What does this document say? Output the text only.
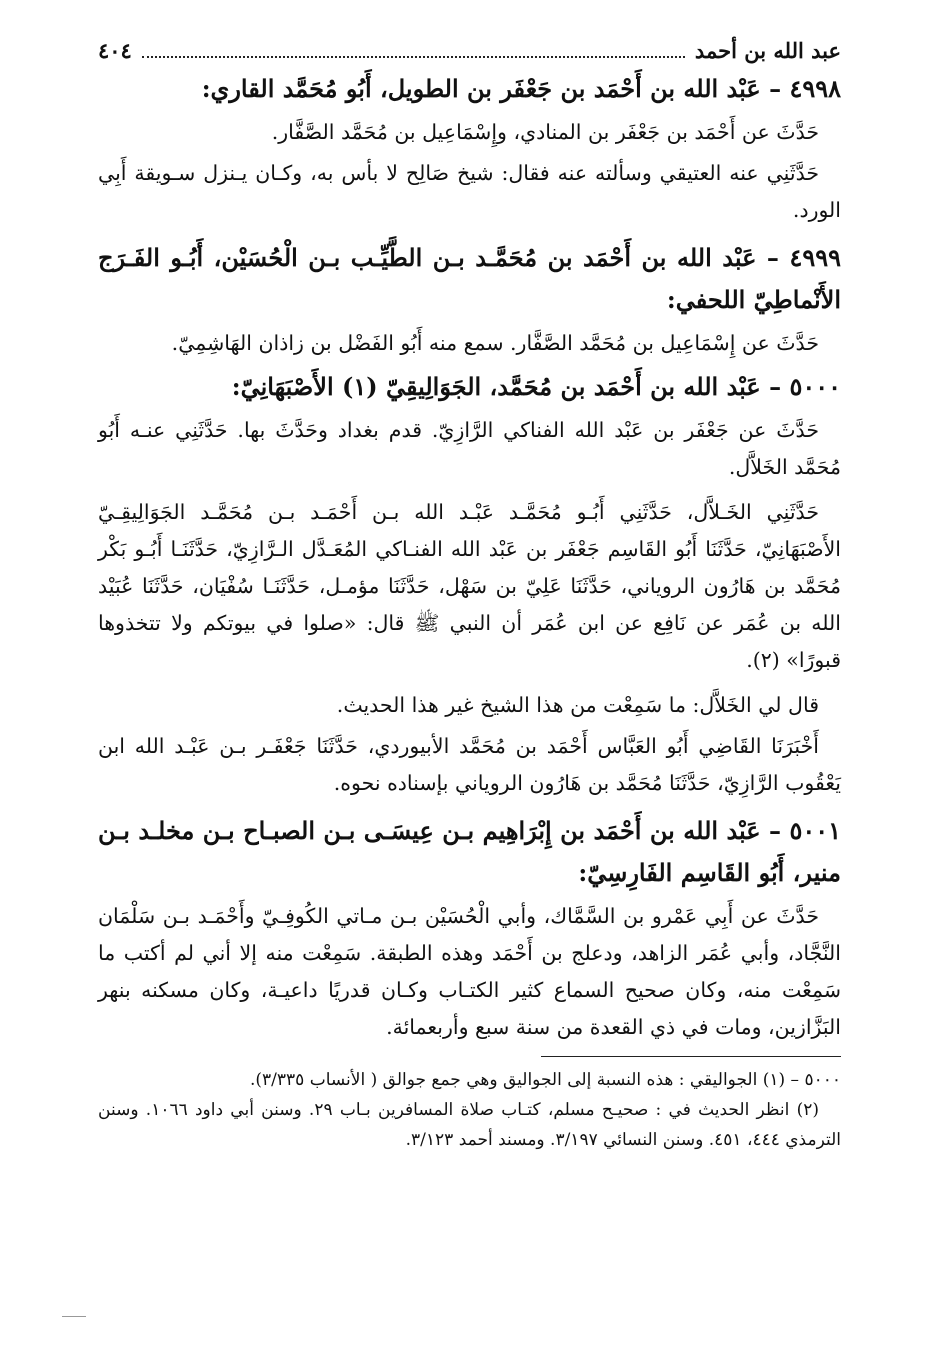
عبد الله بن أحمد
٤٠٤
٤٩٩٨ – عَبْد الله بن أَحْمَد بن جَعْفَر بن الطويل، أَبُو مُحَمَّد القاري:

حَدَّثَ عن أَحْمَد بن جَعْفَر بن المنادي، وإِسْمَاعِيل بن مُحَمَّد الصَّفَّار.

حَدَّثَنِي عنه العتيقي وسألته عنه فقال: شيخ صَالِح لا بأس به، وكـان يـنزل سـويقة أَبِي الورد.

٤٩٩٩ – عَبْد الله بن أَحْمَد بن مُحَمَّـد بـن الطَّيِّـب بـن الْحُسَيْن، أَبُـو الفَـرَج الأَنْماطِيّ اللحفي:

حَدَّثَ عن إِسْمَاعِيل بن مُحَمَّد الصَّفَّار. سمع منه أَبُو الفَضْل بن زاذان الهَاشِمِيّ.

٥٠٠٠ – عَبْد الله بن أَحْمَد بن مُحَمَّد، الجَوَالِيقِيّ (١) الأَصْبَهَانِيّ:

حَدَّثَ عن جَعْفَر بن عَبْد الله الفناكي الرَّازِيّ. قدم بغداد وحَدَّثَ بها. حَدَّثَنِي عنـه أَبُو مُحَمَّد الخَلاَّل.

حَدَّثَنِي الخَـلاَّل، حَدَّثَنِي أَبُـو مُحَمَّـد عَبْـد الله بـن أَحْمَـد بـن مُحَمَّـد الجَوَالِيقِـيّ الأَصْبَهَانِيّ، حَدَّثَنَا أَبُو القَاسِم جَعْفَر بن عَبْد الله الفنـاكي المُعَـدَّل الـرَّازِيّ، حَدَّثَنَـا أَبُـو بَكْر مُحَمَّد بن هَارُون الروياني، حَدَّثَنَا عَلِيّ بن سَهْل، حَدَّثَنَا مؤمـل، حَدَّثَنَـا سُفْيَان، حَدَّثَنَا عُبَيْد الله بن عُمَر عن نَافِع عن ابن عُمَر أن النبي ﷺ قال: «صلوا في بيوتكم ولا تتخذوها قبورًا» (٢).

قال لي الخَلاَّل: ما سَمِعْت من هذا الشيخ غير هذا الحديث.

أَخْبَرَنَا القَاضِي أَبُو العَبَّاس أَحْمَد بن مُحَمَّد الأبيوردي، حَدَّثَنَا جَعْفَـر بـن عَبْـد الله ابن يَعْقُوب الرَّازِيّ، حَدَّثَنَا مُحَمَّد بن هَارُون الروياني بإسناده نحوه.

٥٠٠١ – عَبْد الله بن أَحْمَد بن إِبْرَاهِيم بـن عِيسَـى بـن الصبـاح بـن مخلـد بـن منير، أَبُو القَاسِم الفَارِسِيّ:

حَدَّثَ عن أَبِي عَمْرو بن السَّمَّاك، وأبي الْحُسَيْن بـن مـاتي الكُوفِـيّ وأَحْمَـد بـن سَلْمَان النَّجَّاد، وأبي عُمَر الزاهد، ودعلج بن أَحْمَد وهذه الطبقة. سَمِعْت منه إلا أني لم أكتب ما سَمِعْت منه، وكان صحيح السماع كثير الكتـاب وكـان قدريًا داعيـة، وكان مسكنه بنهر البَزَّازين، ومات في ذي القعدة من سنة سبع وأربعمائة.

٥٠٠٠ – (١) الجواليقي : هذه النسبة إلى الجواليق وهي جمع جوالق ( الأنساب ٣/٣٣٥).

(٢) انظر الحديث في : صحيـح مسلم، كتـاب صلاة المسافرين بـاب ٢٩. وسنن أبي داود ١٠٦٦. وسنن الترمذي ٤٤٤، ٤٥١. وسنن النسائي ٣/١٩٧. ومسند أحمد ٣/١٢٣.
